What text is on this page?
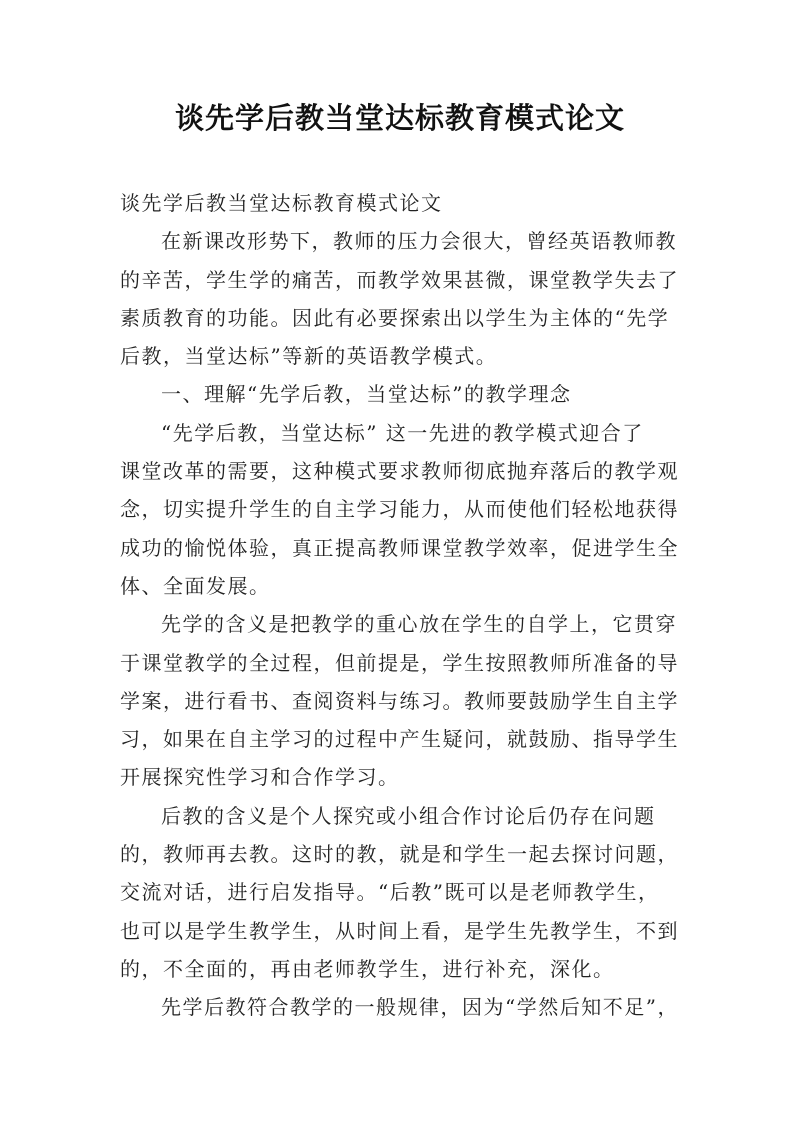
谈先学后教当堂达标教育模式论文
谈先学后教当堂达标教育模式论文
在新课改形势下，教师的压力会很大，曾经英语教师教
的辛苦，学生学的痛苦，而教学效果甚微，课堂教学失去了
素质教育的功能。因此有必要探索出以学生为主体的“先学
后教，当堂达标”等新的英语教学模式。
一、理解“先学后教，当堂达标”的教学理念
“先学后教，当堂达标” 这一先进的教学模式迎合了
课堂改革的需要，这种模式要求教师彻底抛弃落后的教学观
念，切实提升学生的自主学习能力，从而使他们轻松地获得
成功的愉悦体验，真正提高教师课堂教学效率，促进学生全
体、全面发展。
先学的含义是把教学的重心放在学生的自学上，它贯穿
于课堂教学的全过程，但前提是，学生按照教师所准备的导
学案，进行看书、查阅资料与练习。教师要鼓励学生自主学
习，如果在自主学习的过程中产生疑问，就鼓励、指导学生
开展探究性学习和合作学习。
后教的含义是个人探究或小组合作讨论后仍存在问题
的，教师再去教。这时的教，就是和学生一起去探讨问题，
交流对话，进行启发指导。“后教”既可以是老师教学生，
也可以是学生教学生，从时间上看，是学生先教学生，不到
的，不全面的，再由老师教学生，进行补充，深化。
先学后教符合教学的一般规律，因为“学然后知不足”，
